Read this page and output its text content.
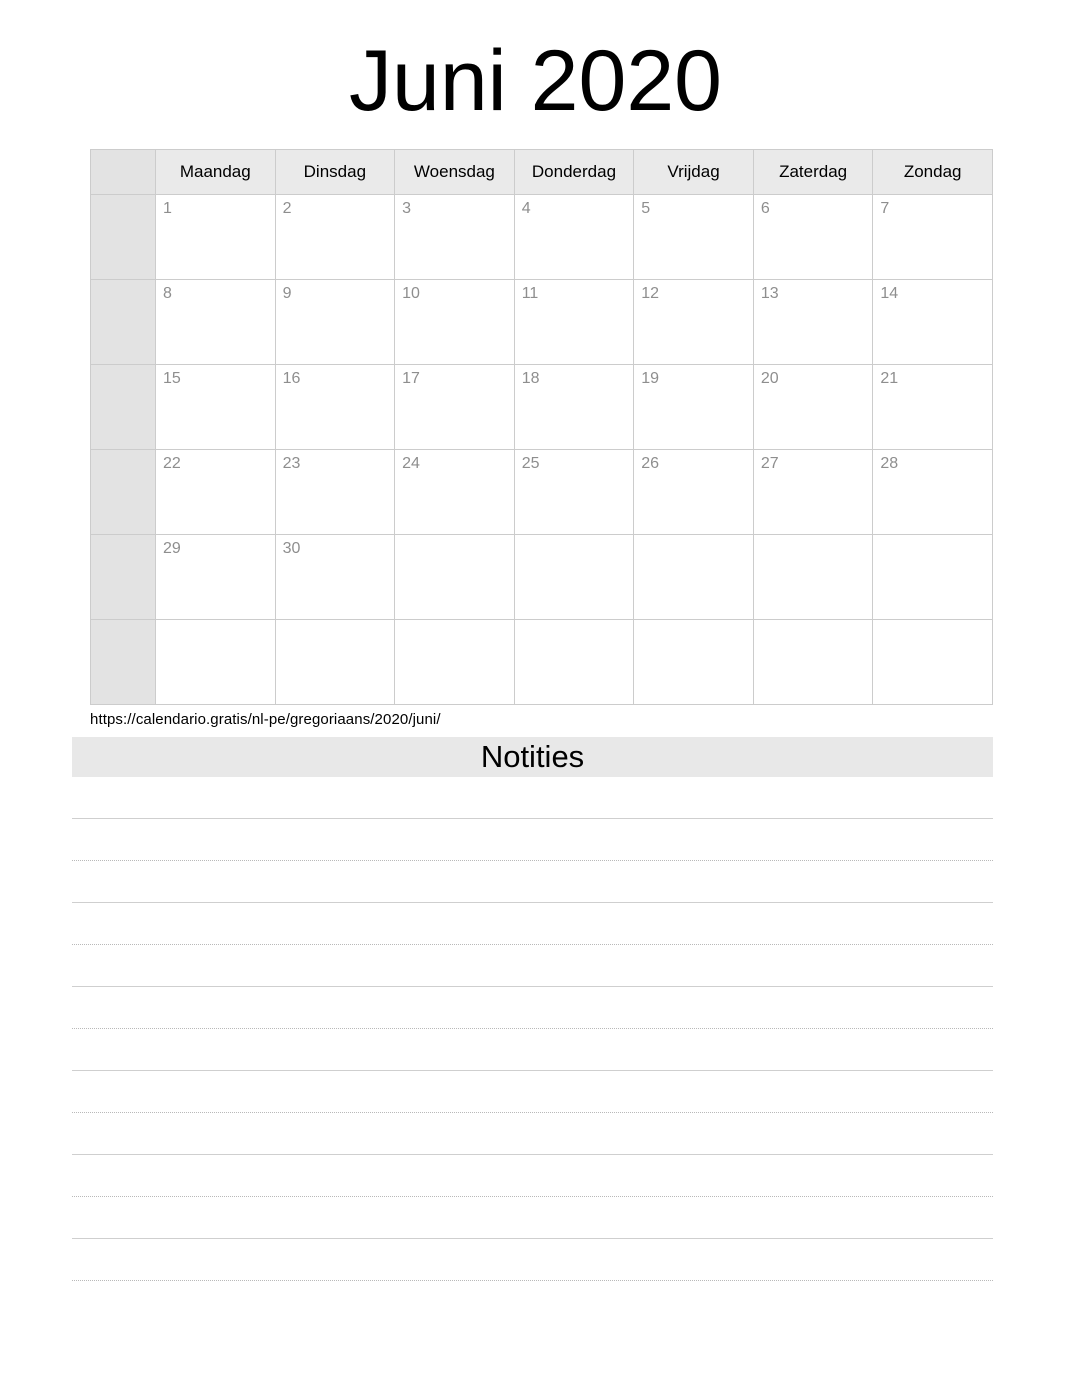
Juni 2020
	Maandag	Dinsdag	Woensdag	Donderdag	Vrijdag	Zaterdag	Zondag

	1	2	3	4	5	6	7

	8	9	10	11	12	13	14

	15	16	17	18	19	20	21

	22	23	24	25	26	27	28

	29	30					

https://calendario.gratis/nl-pe/gregoriaans/2020/juni/
Notities
